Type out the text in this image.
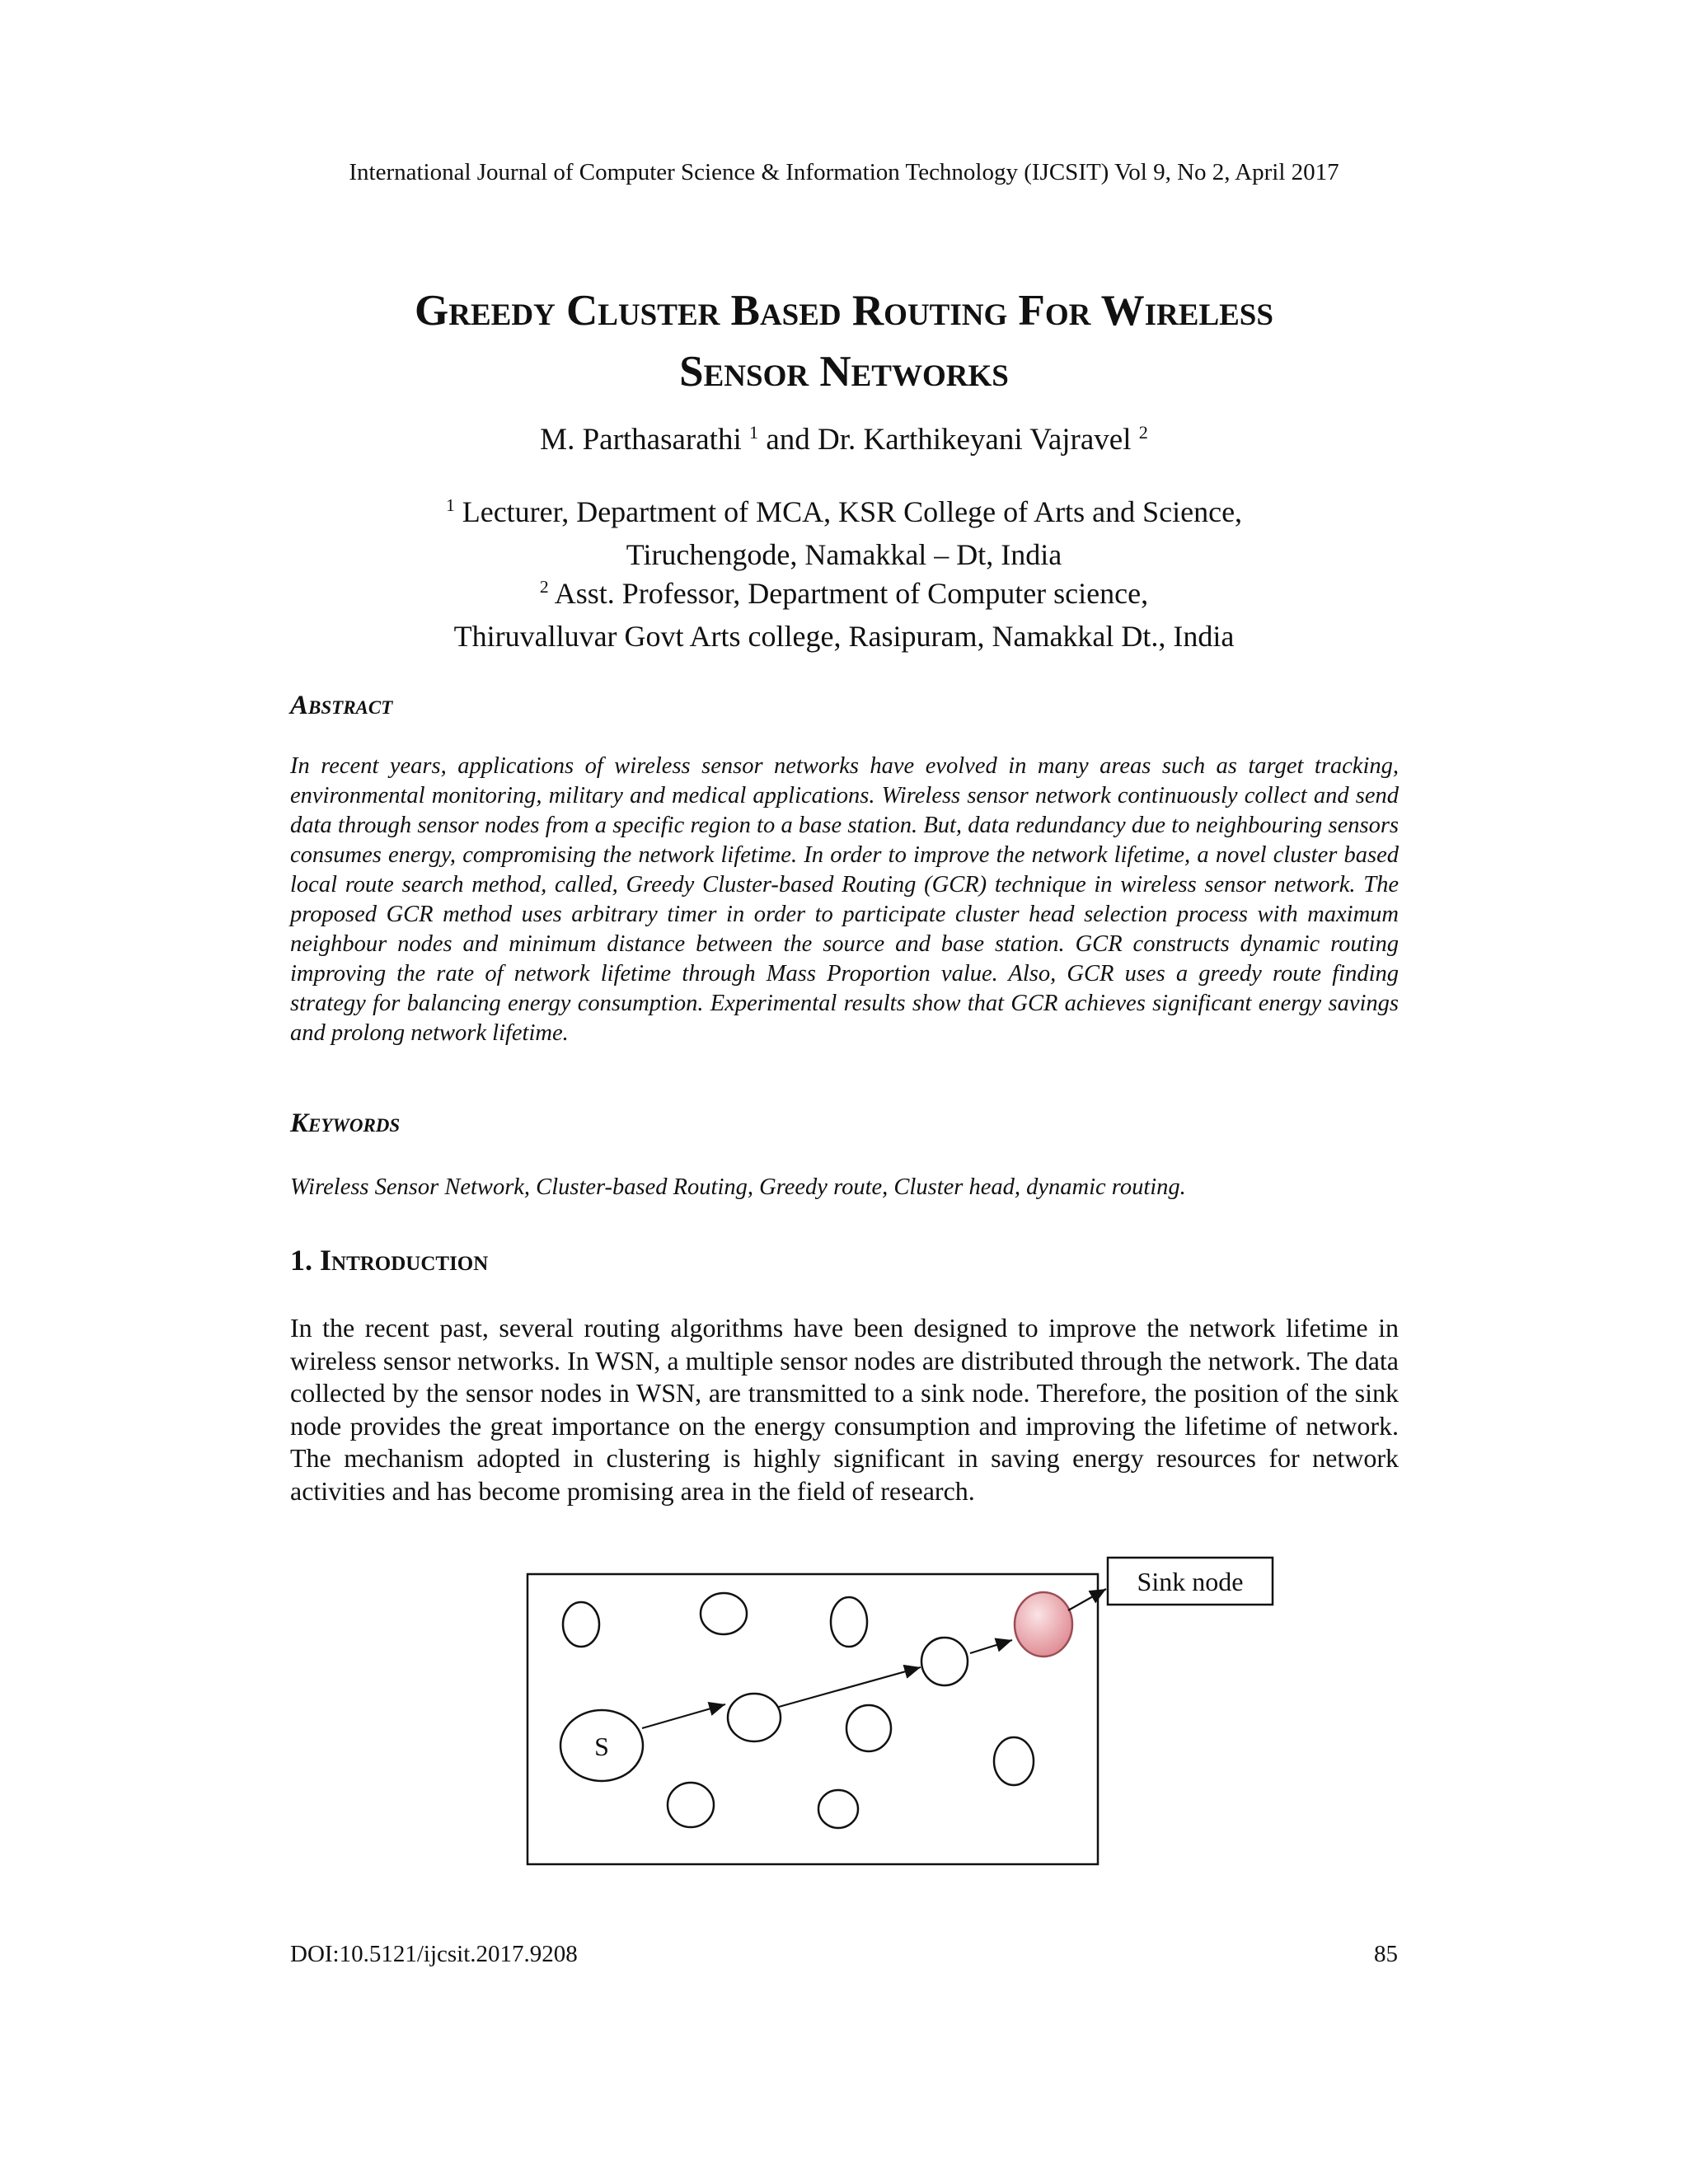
International Journal of Computer Science & Information Technology (IJCSIT) Vol 9, No 2, April 2017
Greedy Cluster Based Routing For Wireless
Sensor Networks
M. Parthasarathi $^1$ and Dr. Karthikeyani Vajravel $^2$
$^1$ Lecturer, Department of MCA, KSR College of Arts and Science,
Tiruchengode, Namakkal – Dt, India
$^2$ Asst. Professor, Department of Computer science,
Thiruvalluvar Govt Arts college, Rasipuram, Namakkal Dt., India
Abstract
In recent years, applications of wireless sensor networks have evolved in many areas such as target tracking, environmental monitoring, military and medical applications. Wireless sensor network continuously collect and send data through sensor nodes from a specific region to a base station. But, data redundancy due to neighbouring sensors consumes energy, compromising the network lifetime. In order to improve the network lifetime, a novel cluster based local route search method, called, Greedy Cluster-based Routing (GCR) technique in wireless sensor network. The proposed GCR method uses arbitrary timer in order to participate cluster head selection process with maximum neighbour nodes and minimum distance between the source and base station. GCR constructs dynamic routing improving the rate of network lifetime through Mass Proportion value. Also, GCR uses a greedy route finding strategy for balancing energy consumption. Experimental results show that GCR achieves significant energy savings and prolong network lifetime.
Keywords
Wireless Sensor Network, Cluster-based Routing, Greedy route, Cluster head, dynamic routing.
1. Introduction
In the recent past, several routing algorithms have been designed to improve the network lifetime in wireless sensor networks. In WSN, a multiple sensor nodes are distributed through the network. The data collected by the sensor nodes in WSN, are transmitted to a sink node. Therefore, the position of the sink node provides the great importance on the energy consumption and improving the lifetime of network. The mechanism adopted in clustering is highly significant in saving energy resources for network activities and has become promising area in the field of research.
S
Sink node
DOI:10.5121/ijcsit.2017.9208	85
